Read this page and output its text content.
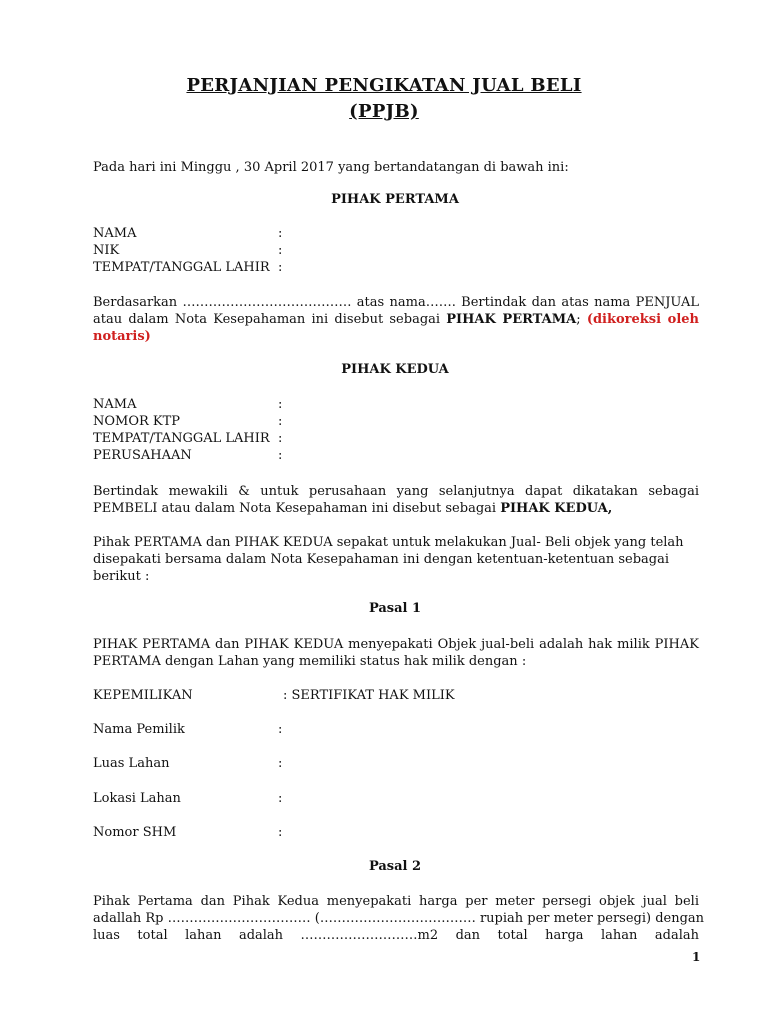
PERJANJIAN PENGIKATAN JUAL BELI
(PPJB)
Pada hari ini Minggu , 30 April 2017 yang bertandatangan di bawah ini:
PIHAK PERTAMA
NAMA	:
NIK	:
TEMPAT/TANGGAL LAHIR :
Berdasarkan ………………………………… atas nama……. Bertindak dan atas nama PENJUAL
atau dalam Nota Kesepahaman ini disebut sebagai PIHAK PERTAMA; (dikoreksi oleh
notaris)
PIHAK KEDUA
NAMA	:
NOMOR KTP	:
TEMPAT/TANGGAL LAHIR :
PERUSAHAAN	:
Bertindak mewakili & untuk perusahaan yang selanjutnya dapat dikatakan sebagai
PEMBELI atau dalam Nota Kesepahaman ini disebut sebagai PIHAK KEDUA,
Pihak PERTAMA dan PIHAK KEDUA sepakat untuk melakukan Jual- Beli objek yang telah
disepakati bersama dalam Nota Kesepahaman ini dengan ketentuan-ketentuan sebagai
berikut :
Pasal 1
PIHAK PERTAMA dan PIHAK KEDUA menyepakati Objek jual-beli adalah hak milik PIHAK
PERTAMA dengan Lahan yang memiliki status hak milik dengan :
KEPEMILIKAN	: SERTIFIKAT HAK MILIK
Nama Pemilik	:
Luas Lahan	:
Lokasi Lahan	:
Nomor SHM	:
Pasal 2
Pihak Pertama dan Pihak Kedua menyepakati harga per meter persegi objek jual beli
adallah Rp …………………………… (……………………………… rupiah per meter persegi) dengan
luas total lahan adalah ………………………m2 dan total harga lahan adalah
1
